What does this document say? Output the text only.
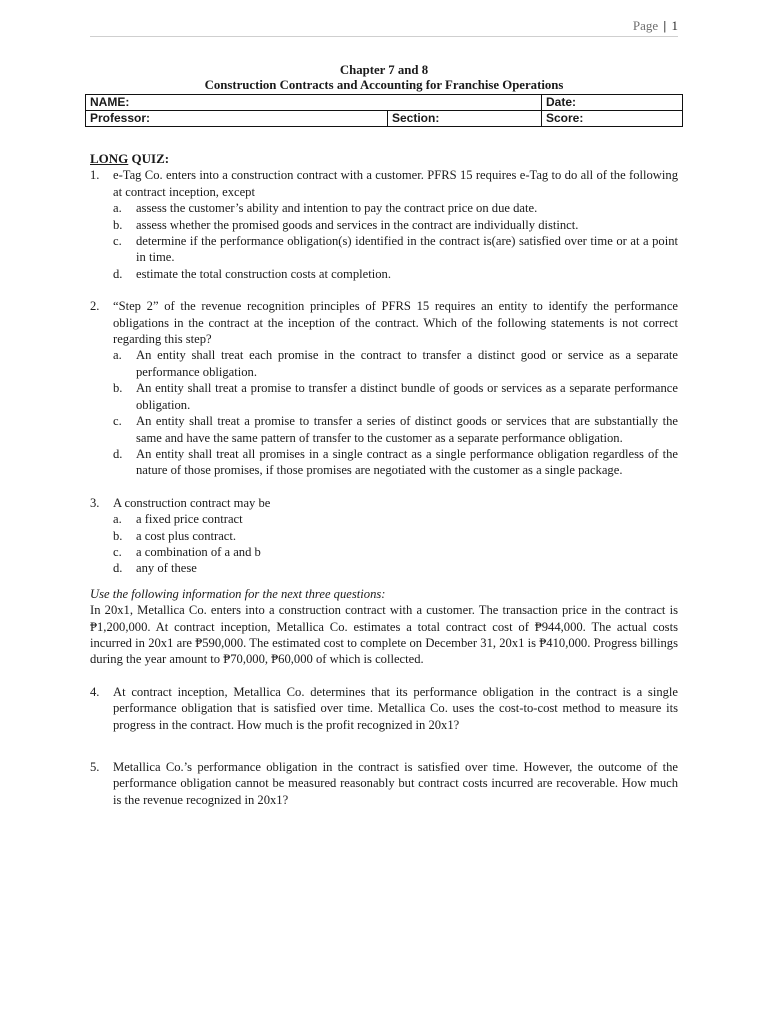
Page | 1

Chapter 7 and 8

Construction Contracts and Accounting for Franchise Operations

NAME:		Date:
Professor:	Section:	Score:
LONG QUIZ:
1. e-Tag Co. enters into a construction contract with a customer. PFRS 15 requires e-Tag to do all of the following at contract inception, except
a. assess the customer’s ability and intention to pay the contract price on due date.
b. assess whether the promised goods and services in the contract are individually distinct.
c. determine if the performance obligation(s) identified in the contract is(are) satisfied over time or at a point in time.
d. estimate the total construction costs at completion.
2. “Step 2” of the revenue recognition principles of PFRS 15 requires an entity to identify the performance obligations in the contract at the inception of the contract. Which of the following statements is not correct regarding this step?
a. An entity shall treat each promise in the contract to transfer a distinct good or service as a separate performance obligation.
b. An entity shall treat a promise to transfer a distinct bundle of goods or services as a separate performance obligation.
c. An entity shall treat a promise to transfer a series of distinct goods or services that are substantially the same and have the same pattern of transfer to the customer as a separate performance obligation.
d. An entity shall treat all promises in a single contract as a single performance obligation regardless of the nature of those promises, if those promises are negotiated with the customer as a single package.
3. A construction contract may be
a. a fixed price contract
b. a cost plus contract.
c. a combination of a and b
d. any of these
Use the following information for the next three questions:
In 20x1, Metallica Co. enters into a construction contract with a customer. The transaction price in the contract is ₱1,200,000. At contract inception, Metallica Co. estimates a total contract cost of ₱944,000. The actual costs incurred in 20x1 are ₱590,000. The estimated cost to complete on December 31, 20x1 is ₱410,000. Progress billings during the year amount to ₱70,000, ₱60,000 of which is collected.
4. At contract inception, Metallica Co. determines that its performance obligation in the contract is a single performance obligation that is satisfied over time. Metallica Co. uses the cost-to-cost method to measure its progress in the contract. How much is the profit recognized in 20x1?
5. Metallica Co.’s performance obligation in the contract is satisfied over time. However, the outcome of the performance obligation cannot be measured reasonably but contract costs incurred are recoverable. How much is the revenue recognized in 20x1?
